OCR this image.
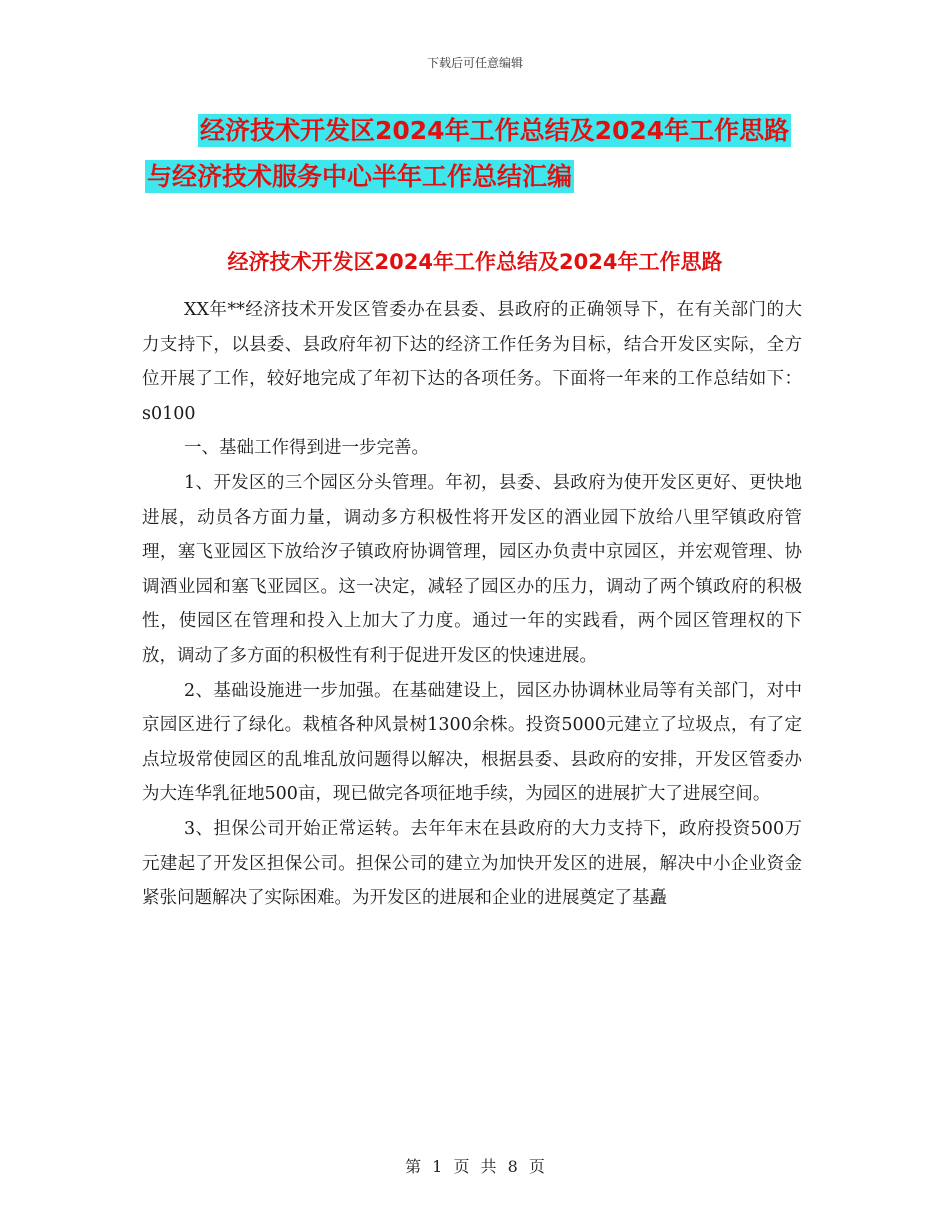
下载后可任意编辑
经济技术开发区2024年工作总结及2024年工作思路
与经济技术服务中心半年工作总结汇编
经济技术开发区2024年工作总结及2024年工作思路

XX年**经济技术开发区管委办在县委、县政府的正确领导下，在有关部门的大力支持下，以县委、县政府年初下达的经济工作任务为目标，结合开发区实际，全方位开展了工作，较好地完成了年初下达的各项任务。下面将一年来的工作总结如下：s0100

一、基础工作得到进一步完善。

1、开发区的三个园区分头管理。年初，县委、县政府为使开发区更好、更快地进展，动员各方面力量，调动多方积极性将开发区的酒业园下放给八里罕镇政府管理，塞飞亚园区下放给汐子镇政府协调管理，园区办负责中京园区，并宏观管理、协调酒业园和塞飞亚园区。这一决定，减轻了园区办的压力，调动了两个镇政府的积极性，使园区在管理和投入上加大了力度。通过一年的实践看，两个园区管理权的下放，调动了多方面的积极性有利于促进开发区的快速进展。

2、基础设施进一步加强。在基础建设上，园区办协调林业局等有关部门，对中京园区进行了绿化。栽植各种风景树1300余株。投资5000元建立了垃圾点，有了定点垃圾常使园区的乱堆乱放问题得以解决，根据县委、县政府的安排，开发区管委办为大连华乳征地500亩，现已做完各项征地手续，为园区的进展扩大了进展空间。

3、担保公司开始正常运转。去年年末在县政府的大力支持下，政府投资500万元建起了开发区担保公司。担保公司的建立为加快开发区的进展，解决中小企业资金紧张问题解决了实际困难。为开发区的进展和企业的进展奠定了基矗

第 1 页 共 8 页
